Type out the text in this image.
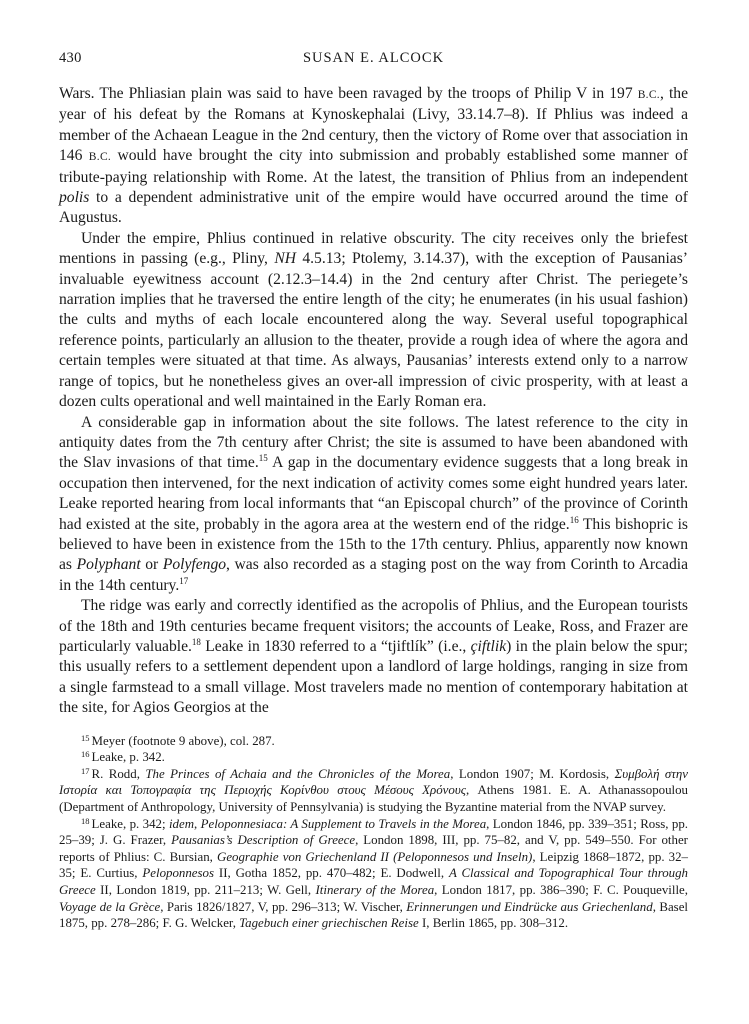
430	SUSAN E. ALCOCK

Wars. The Phliasian plain was said to have been ravaged by the troops of Philip V in 197 B.C., the year of his defeat by the Romans at Kynoskephalai (Livy, 33.14.7–8). If Phlius was indeed a member of the Achaean League in the 2nd century, then the victory of Rome over that association in 146 B.C. would have brought the city into submission and probably established some manner of tribute-paying relationship with Rome. At the latest, the transition of Phlius from an independent polis to a dependent administrative unit of the empire would have occurred around the time of Augustus.

Under the empire, Phlius continued in relative obscurity. The city receives only the briefest mentions in passing (e.g., Pliny, NH 4.5.13; Ptolemy, 3.14.37), with the exception of Pausanias’ invaluable eyewitness account (2.12.3–14.4) in the 2nd century after Christ. The periegete’s narration implies that he traversed the entire length of the city; he enumerates (in his usual fashion) the cults and myths of each locale encountered along the way. Several useful topographical reference points, particularly an allusion to the theater, provide a rough idea of where the agora and certain temples were situated at that time. As always, Pausanias’ interests extend only to a narrow range of topics, but he nonetheless gives an over-all impression of civic prosperity, with at least a dozen cults operational and well maintained in the Early Roman era.

A considerable gap in information about the site follows. The latest reference to the city in antiquity dates from the 7th century after Christ; the site is assumed to have been abandoned with the Slav invasions of that time.$^{15}$ A gap in the documentary evidence suggests that a long break in occupation then intervened, for the next indication of activity comes some eight hundred years later. Leake reported hearing from local informants that “an Episcopal church” of the province of Corinth had existed at the site, probably in the agora area at the western end of the ridge.$^{16}$ This bishopric is believed to have been in existence from the 15th to the 17th century. Phlius, apparently now known as Polyphant or Polyfengo, was also recorded as a staging post on the way from Corinth to Arcadia in the 14th century.$^{17}$

The ridge was early and correctly identified as the acropolis of Phlius, and the European tourists of the 18th and 19th centuries became frequent visitors; the accounts of Leake, Ross, and Frazer are particularly valuable.$^{18}$ Leake in 1830 referred to a “tjiftlík” (i.e., çiftlik) in the plain below the spur; this usually refers to a settlement dependent upon a landlord of large holdings, ranging in size from a single farmstead to a small village. Most travelers made no mention of contemporary habitation at the site, for Agios Georgios at the

$^{15}$ Meyer (footnote 9 above), col. 287.

$^{16}$ Leake, p. 342.

$^{17}$ R. Rodd, The Princes of Achaia and the Chronicles of the Morea, London 1907; M. Kordosis, Συμβολή στην Ιστορία και Τοπογραφία της Περιοχής Κορίνθου στους Μέσους Χρόνους, Athens 1981. E. A. Athanassopoulou (Department of Anthropology, University of Pennsylvania) is studying the Byzantine material from the NVAP survey.

$^{18}$ Leake, p. 342; idem, Peloponnesiaca: A Supplement to Travels in the Morea, London 1846, pp. 339–351; Ross, pp. 25–39; J. G. Frazer, Pausanias’s Description of Greece, London 1898, III, pp. 75–82, and V, pp. 549–550. For other reports of Phlius: C. Bursian, Geographie von Griechenland II (Peloponnesos und Inseln), Leipzig 1868–1872, pp. 32–35; E. Curtius, Peloponnesos II, Gotha 1852, pp. 470–482; E. Dodwell, A Classical and Topographical Tour through Greece II, London 1819, pp. 211–213; W. Gell, Itinerary of the Morea, London 1817, pp. 386–390; F. C. Pouqueville, Voyage de la Grèce, Paris 1826/1827, V, pp. 296–313; W. Vischer, Erinnerungen und Eindrücke aus Griechenland, Basel 1875, pp. 278–286; F. G. Welcker, Tagebuch einer griechischen Reise I, Berlin 1865, pp. 308–312.
